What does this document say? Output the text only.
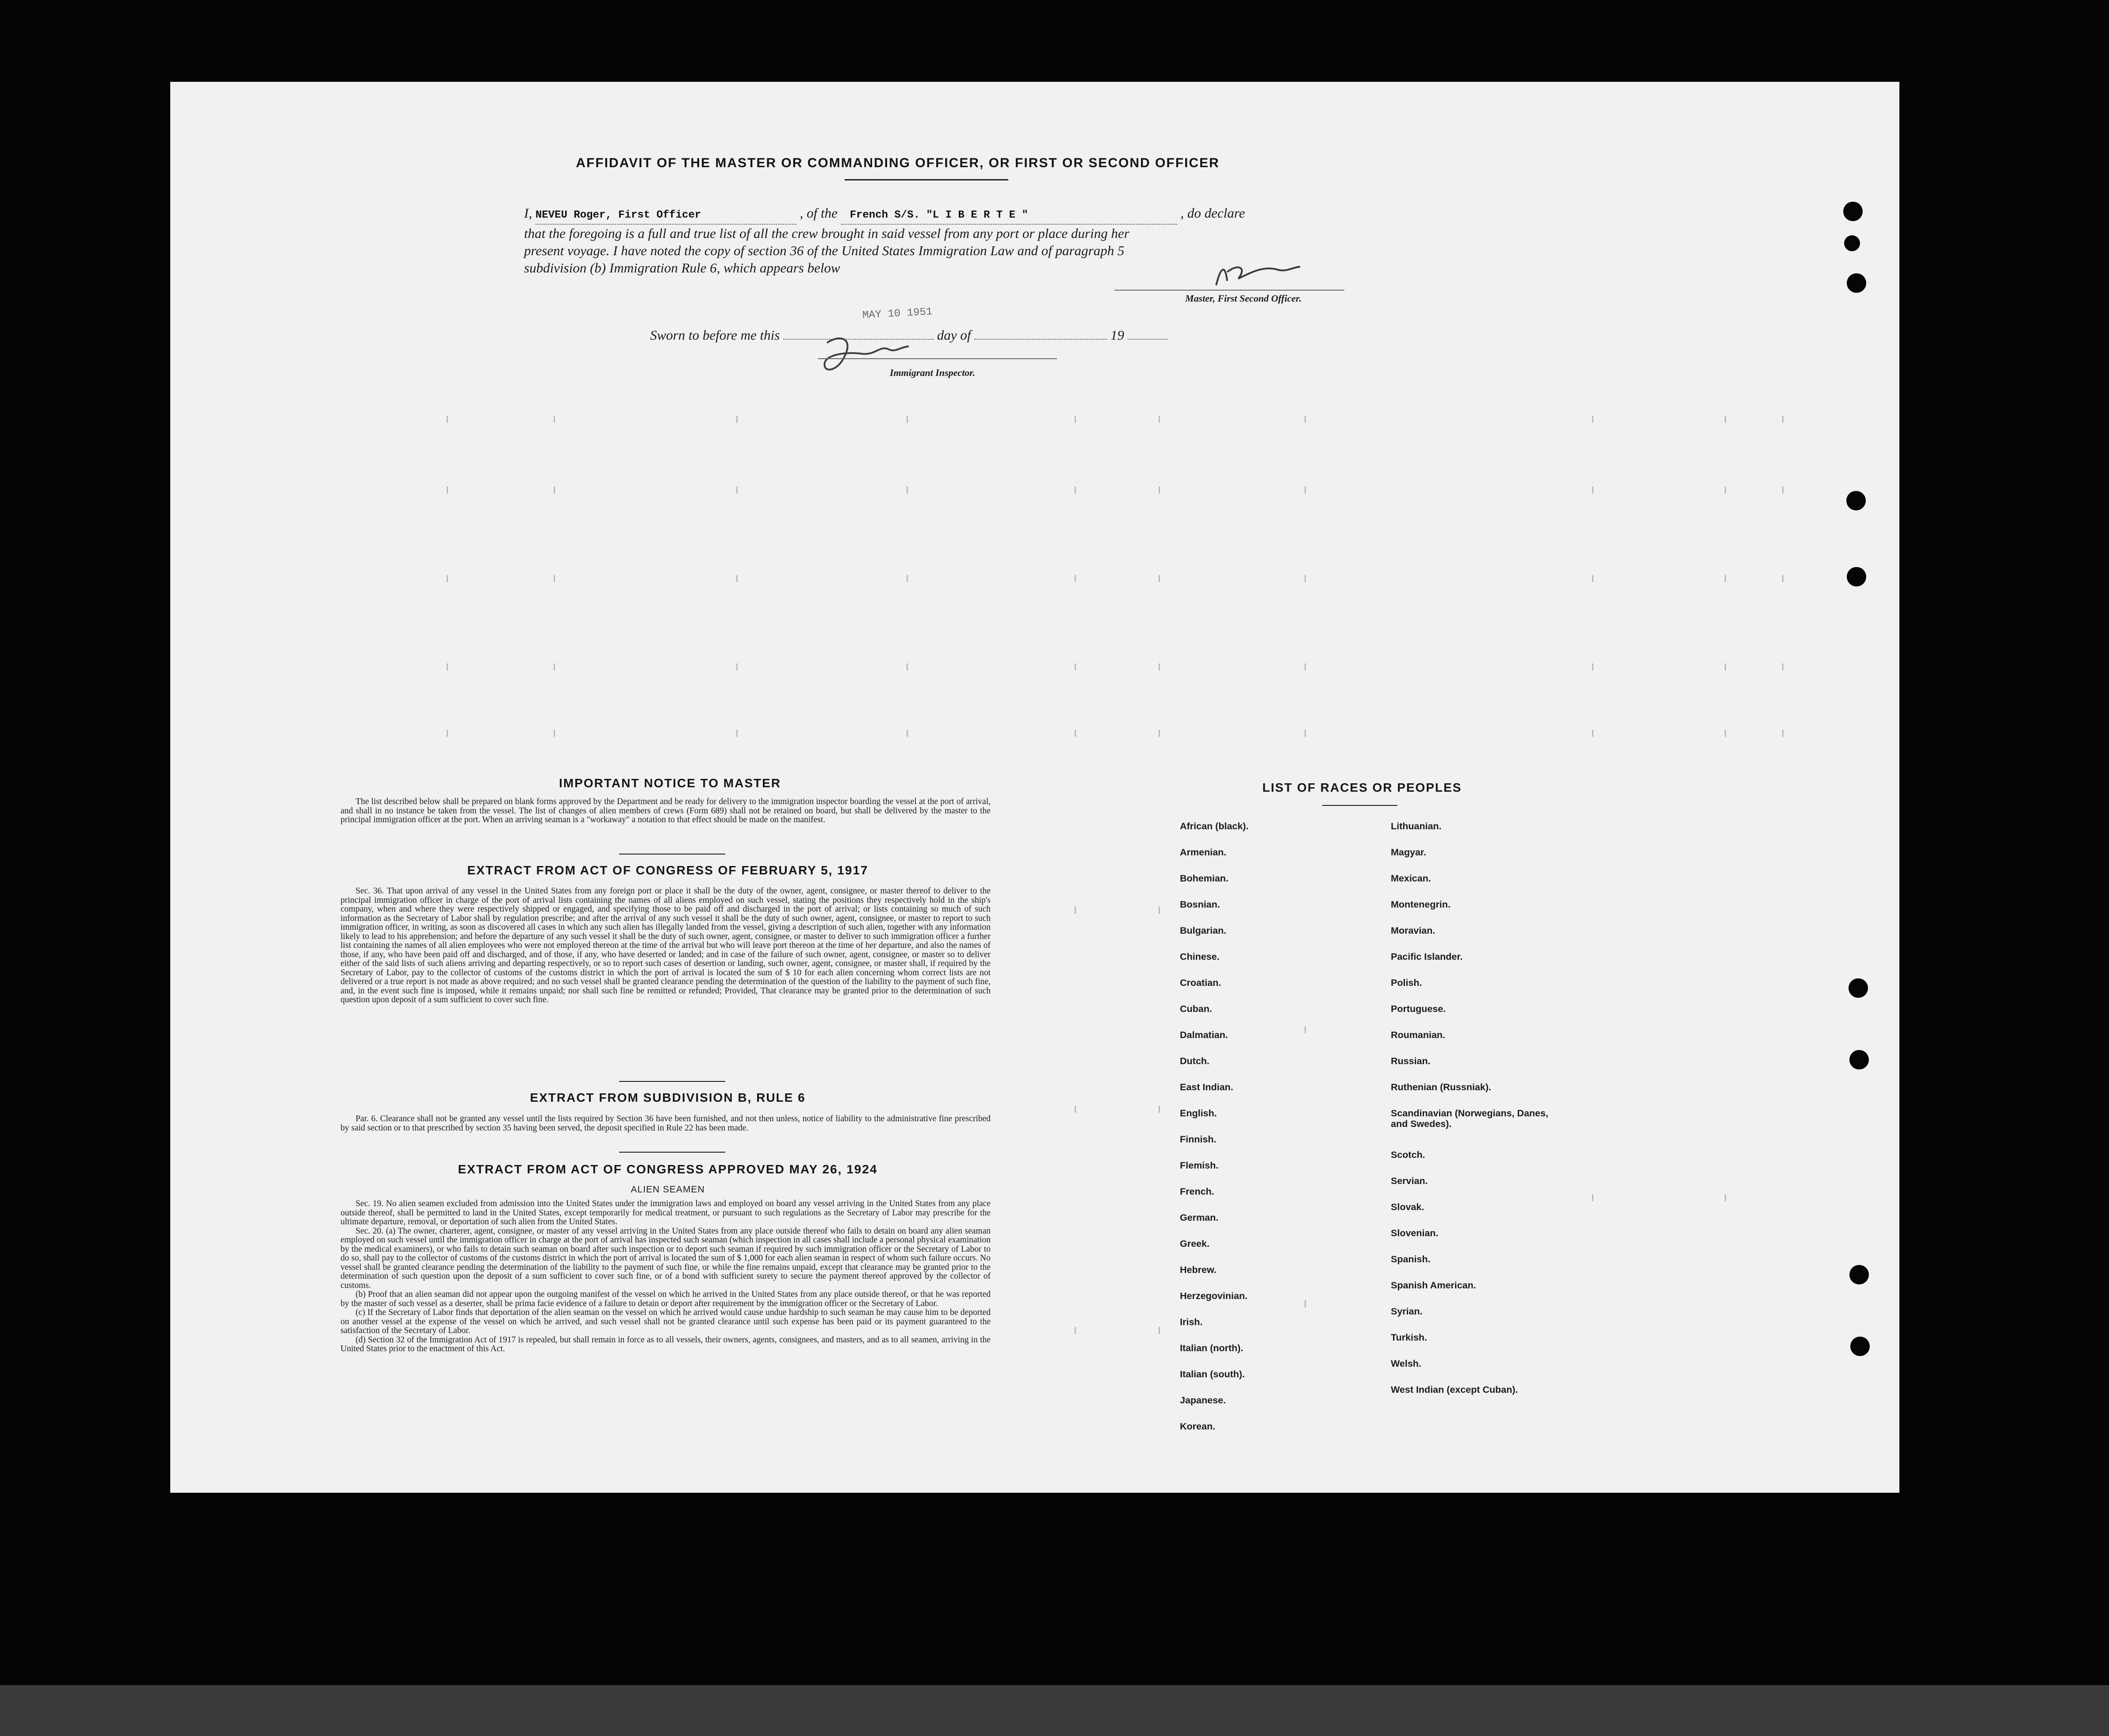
AFFIDAVIT OF THE MASTER OR COMMANDING OFFICER, OR FIRST OR SECOND OFFICER
I, NEVEU Roger, First Officer	, of the French S/S. "L I B E R T E "	, do declare
that the foregoing is a full and true list of all the crew brought in said vessel from any port or place during her
present voyage. I have noted the copy of section 36 of the United States Immigration Law and of paragraph 5
subdivision (b) Immigration Rule 6, which appears below
Master, First Second Officer.
Sworn to before me this	day of	19
MAY 10 1951
Immigrant Inspector.
IMPORTANT NOTICE TO MASTER

The list described below shall be prepared on blank forms approved by the Department and be ready for delivery to the immigration inspector boarding the vessel at the port of arrival, and shall in no instance be taken from the vessel. The list of changes of alien members of crews (Form 689) shall not be retained on board, but shall be delivered by the master to the principal immigration officer at the port. When an arriving seaman is a "workaway" a notation to that effect should be made on the manifest.

EXTRACT FROM ACT OF CONGRESS OF FEBRUARY 5, 1917

Sec. 36. That upon arrival of any vessel in the United States from any foreign port or place it shall be the duty of the owner, agent, consignee, or master thereof to deliver to the principal immigration officer in charge of the port of arrival lists containing the names of all aliens employed on such vessel, stating the positions they respectively hold in the ship's company, when and where they were respectively shipped or engaged, and specifying those to be paid off and discharged in the port of arrival; or lists containing so much of such information as the Secretary of Labor shall by regulation prescribe; and after the arrival of any such vessel it shall be the duty of such owner, agent, consignee, or master to report to such immigration officer, in writing, as soon as discovered all cases in which any such alien has illegally landed from the vessel, giving a description of such alien, together with any information likely to lead to his apprehension; and before the departure of any such vessel it shall be the duty of such owner, agent, consignee, or master to deliver to such immigration officer a further list containing the names of all alien employees who were not employed thereon at the time of the arrival but who will leave port thereon at the time of her departure, and also the names of those, if any, who have been paid off and discharged, and of those, if any, who have deserted or landed; and in case of the failure of such owner, agent, consignee, or master so to deliver either of the said lists of such aliens arriving and departing respectively, or so to report such cases of desertion or landing, such owner, agent, consignee, or master shall, if required by the Secretary of Labor, pay to the collector of customs of the customs district in which the port of arrival is located the sum of $ 10 for each alien concerning whom correct lists are not delivered or a true report is not made as above required; and no such vessel shall be granted clearance pending the determination of the question of the liability to the payment of such fine, and, in the event such fine is imposed, while it remains unpaid; nor shall such fine be remitted or refunded; Provided, That clearance may be granted prior to the determination of such question upon deposit of a sum sufficient to cover such fine.

EXTRACT FROM SUBDIVISION B, RULE 6

Par. 6. Clearance shall not be granted any vessel until the lists required by Section 36 have been furnished, and not then unless, notice of liability to the administrative fine prescribed by said section or to that prescribed by section 35 having been served, the deposit specified in Rule 22 has been made.

EXTRACT FROM ACT OF CONGRESS APPROVED MAY 26, 1924
ALIEN SEAMEN

Sec. 19. No alien seamen excluded from admission into the United States under the immigration laws and employed on board any vessel arriving in the United States from any place outside thereof, shall be permitted to land in the United States, except temporarily for medical treatment, or pursuant to such regulations as the Secretary of Labor may prescribe for the ultimate departure, removal, or deportation of such alien from the United States.

Sec. 20. (a) The owner, charterer, agent, consignee, or master of any vessel arriving in the United States from any place outside thereof who fails to detain on board any alien seaman employed on such vessel until the immigration officer in charge at the port of arrival has inspected such seaman (which inspection in all cases shall include a personal physical examination by the medical examiners), or who fails to detain such seaman on board after such inspection or to deport such seaman if required by such immigration officer or the Secretary of Labor to do so, shall pay to the collector of customs of the customs district in which the port of arrival is located the sum of $ 1,000 for each alien seaman in respect of whom such failure occurs. No vessel shall be granted clearance pending the determination of the liability to the payment of such fine, or while the fine remains unpaid, except that clearance may be granted prior to the determination of such question upon the deposit of a sum sufficient to cover such fine, or of a bond with sufficient surety to secure the payment thereof approved by the collector of customs.

(b) Proof that an alien seaman did not appear upon the outgoing manifest of the vessel on which he arrived in the United States from any place outside thereof, or that he was reported by the master of such vessel as a deserter, shall be prima facie evidence of a failure to detain or deport after requirement by the immigration officer or the Secretary of Labor.

(c) If the Secretary of Labor finds that deportation of the alien seaman on the vessel on which he arrived would cause undue hardship to such seaman he may cause him to be deported on another vessel at the expense of the vessel on which he arrived, and such vessel shall not be granted clearance until such expense has been paid or its payment guaranteed to the satisfaction of the Secretary of Labor.

(d) Section 32 of the Immigration Act of 1917 is repealed, but shall remain in force as to all vessels, their owners, agents, consignees, and masters, and as to all seamen, arriving in the United States prior to the enactment of this Act.

LIST OF RACES OR PEOPLES
African (black).
Armenian.
Bohemian.
Bosnian.
Bulgarian.
Chinese.
Croatian.
Cuban.
Dalmatian.
Dutch.
East Indian.
English.
Finnish.
Flemish.
French.
German.
Greek.
Hebrew.
Herzegovinian.
Irish.
Italian (north).
Italian (south).
Japanese.
Korean.
Lithuanian.
Magyar.
Mexican.
Montenegrin.
Moravian.
Pacific Islander.
Polish.
Portuguese.
Roumanian.
Russian.
Ruthenian (Russniak).
Scandinavian (Norwegians, Danes, and Swedes).
Scotch.
Servian.
Slovak.
Slovenian.
Spanish.
Spanish American.
Syrian.
Turkish.
Welsh.
West Indian (except Cuban).
